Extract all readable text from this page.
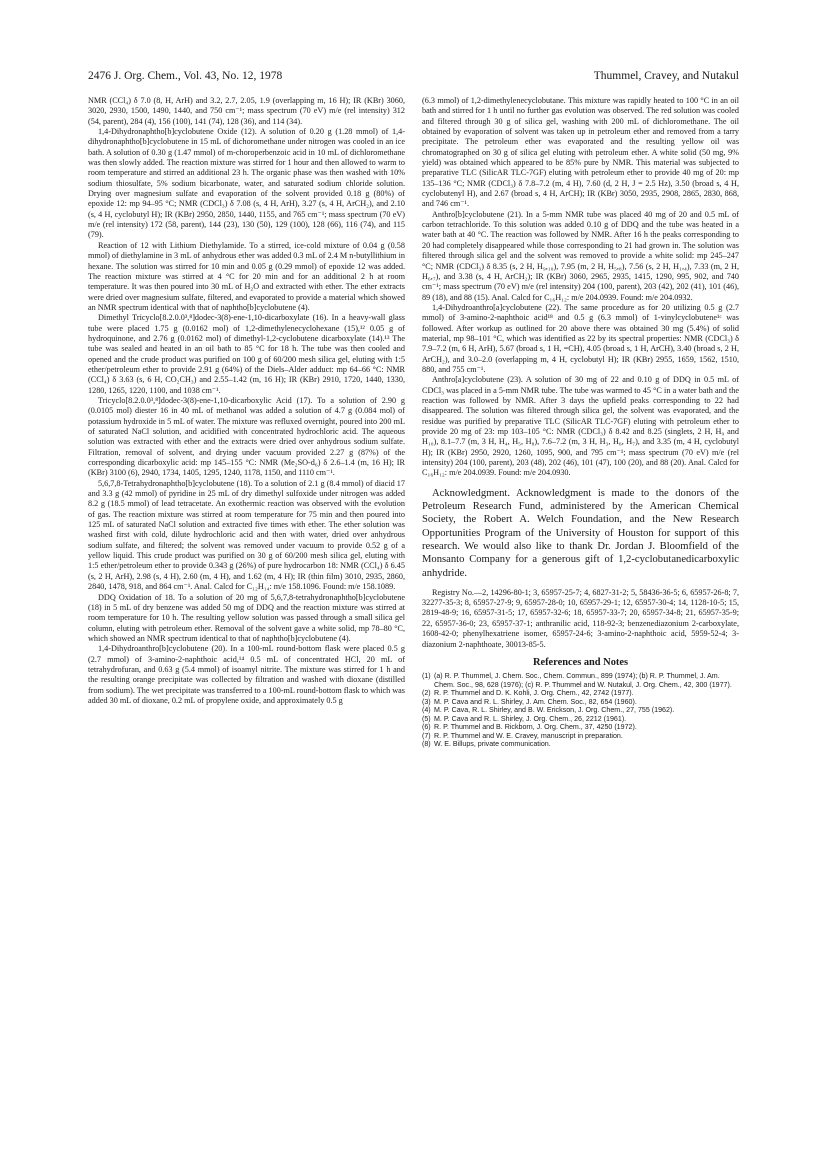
2476 J. Org. Chem., Vol. 43, No. 12, 1978	Thummel, Cravey, and Nutakul

NMR (CCl₄) δ 7.0 (8, H, ArH) and 3.2, 2.7, 2.05, 1.9 (overlapping m, 16 H); IR (KBr) 3060, 3020, 2930, 1500, 1490, 1440, and 750 cm⁻¹; mass spectrum (70 eV) m/e (rel intensity) 312 (54, parent), 284 (4), 156 (100), 141 (74), 128 (36), and 114 (34).

1,4-Dihydronaphtho[b]cyclobutene Oxide (12). A solution of 0.20 g (1.28 mmol) of 1,4-dihydronaphtho[b]cyclobutene in 15 mL of dichoromethane under nitrogen was cooled in an ice bath. A solution of 0.30 g (1.47 mmol) of m-choroperbenzoic acid in 10 mL of dichloromethane was then slowly added. The reaction mixture was stirred for 1 hour and then allowed to warm to room temperature and stirred an additional 23 h. The organic phase was then washed with 10% sodium thiosulfate, 5% sodium bicarbonate, water, and saturated sodium chloride solution. Drying over magnesium sulfate and evaporation of the solvent provided 0.18 g (80%) of epoxide 12: mp 94–95 °C; NMR (CDCl₃) δ 7.08 (s, 4 H, ArH), 3.27 (s, 4 H, ArCH₂), and 2.10 (s, 4 H, cyclobutyl H); IR (KBr) 2950, 2850, 1440, 1155, and 765 cm⁻¹; mass spectrum (70 eV) m/e (rel intensity) 172 (58, parent), 144 (23), 130 (50), 129 (100), 128 (66), 116 (74), and 115 (79).

Reaction of 12 with Lithium Diethylamide. To a stirred, ice-cold mixture of 0.04 g (0.58 mmol) of diethylamine in 3 mL of anhydrous ether was added 0.3 mL of 2.4 M n-butyllithium in hexane. The solution was stirred for 10 min and 0.05 g (0.29 mmol) of epoxide 12 was added. The reaction mixture was stirred at 4 °C for 20 min and for an additional 2 h at room temperature. It was then poured into 30 mL of H₂O and extracted with ether. The ether extracts were dried over magnesium sulfate, filtered, and evaporated to provide a material which showed an NMR spectrum identical with that of naphtho[b]cyclobutene (4).

Dimethyl Tricyclo[8.2.0.0³,⁸]dodec-3(8)-ene-1,10-dicarboxylate (16). In a heavy-wall glass tube were placed 1.75 g (0.0162 mol) of 1,2-dimethylenecyclohexane (15),¹² 0.05 g of hydroquinone, and 2.76 g (0.0162 mol) of dimethyl-1,2-cyclobutene dicarboxylate (14).¹³ The tube was sealed and heated in an oil bath to 85 °C for 18 h. The tube was then cooled and opened and the crude product was purified on 100 g of 60/200 mesh silica gel, eluting with 1:5 ether/petroleum ether to provide 2.91 g (64%) of the Diels–Alder adduct: mp 64–66 °C: NMR (CCl₄) δ 3.63 (s, 6 H, CO₂CH₃) and 2.55–1.42 (m, 16 H); IR (KBr) 2910, 1720, 1440, 1330, 1280, 1265, 1220, 1100, and 1038 cm⁻¹.

Tricyclo[8.2.0.0³,⁸]dodec-3(8)-ene-1,10-dicarboxylic Acid (17). To a solution of 2.90 g (0.0105 mol) diester 16 in 40 mL of methanol was added a solution of 4.7 g (0.084 mol) of potassium hydroxide in 5 mL of water. The mixture was refluxed overnight, poured into 200 mL of saturated NaCl solution, and acidified with concentrated hydrochloric acid. The aqueous solution was extracted with ether and the extracts were dried over anhydrous sodium sulfate. Filtration, removal of solvent, and drying under vacuum provided 2.27 g (87%) of the corresponding dicarboxylic acid: mp 145–155 °C: NMR (Me₂SO-d₆) δ 2.6–1.4 (m, 16 H); IR (KBr) 3100 (6), 2940, 1734, 1405, 1295, 1240, 1178, 1150, and 1110 cm⁻¹.

5,6,7,8-Tetrahydronaphtho[b]cyclobutene (18). To a solution of 2.1 g (8.4 mmol) of diacid 17 and 3.3 g (42 mmol) of pyridine in 25 mL of dry dimethyl sulfoxide under nitrogen was added 8.2 g (18.5 mmol) of lead tetracetate. An exothermic reaction was observed with the evolution of gas. The reaction mixture was stirred at room temperature for 75 min and then poured into 125 mL of saturated NaCl solution and extracted five times with ether. The ether solution was washed first with cold, dilute hydrochloric acid and then with water, dried over anhydrous sodium sulfate, and filtered; the solvent was removed under vacuum to provide 0.52 g of a yellow liquid. This crude product was purified on 30 g of 60/200 mesh silica gel, eluting with 1:5 ether/petroleum ether to provide 0.343 g (26%) of pure hydrocarbon 18: NMR (CCl₄) δ 6.45 (s, 2 H, ArH), 2.98 (s, 4 H), 2.60 (m, 4 H), and 1.62 (m, 4 H); IR (thin film) 3010, 2935, 2860, 2840, 1478, 918, and 864 cm⁻¹. Anal. Calcd for C₁₂H₁₄: m/e 158.1096. Found: m/e 158.1089.

DDQ Oxidation of 18. To a solution of 20 mg of 5,6,7,8-tetrahydronaphtho[b]cyclobutene (18) in 5 mL of dry benzene was added 50 mg of DDQ and the reaction mixture was stirred at room temperature for 10 h. The resulting yellow solution was passed through a small silica gel column, eluting with petroleum ether. Removal of the solvent gave a white solid, mp 78–80 °C, which showed an NMR spectrum identical to that of naphtho[b]cyclobutene (4).

1,4-Dihydroanthro[b]cyclobutene (20). In a 100-mL round-bottom flask were placed 0.5 g (2.7 mmol) of 3-amino-2-naphthoic acid,¹⁴ 0.5 mL of concentrated HCl, 20 mL of tetrahydrofuran, and 0.63 g (5.4 mmol) of isoamyl nitrite. The mixture was stirred for 1 h and the resulting orange precipitate was collected by filtration and washed with dioxane (distilled from sodium). The wet precipitate was transferred to a 100-mL round-bottom flask to which was added 30 mL of dioxane, 0.2 mL of propylene oxide, and approximately 0.5 g

(6.3 mmol) of 1,2-dimethylenecyclobutane. This mixture was rapidly heated to 100 °C in an oil bath and stirred for 1 h until no further gas evolution was observed. The red solution was cooled and filtered through 30 g of silica gel, washing with 200 mL of dichloromethane. The oil obtained by evaporation of solvent was taken up in petroleum ether and removed from a tarry precipitate. The petroleum ether was evaporated and the resulting yellow oil was chromatographed on 30 g of silica gel eluting with petroleum ether. A white solid (50 mg, 9% yield) was obtained which appeared to be 85% pure by NMR. This material was subjected to preparative TLC (SilicAR TLC-7GF) eluting with petroleum ether to provide 40 mg of 20: mp 135–136 °C; NMR (CDCl₃) δ 7.8–7.2 (m, 4 H), 7.60 (d, 2 H, J = 2.5 Hz), 3.50 (broad s, 4 H, cyclobutenyl H), and 2.67 (broad s, 4 H, ArCH); IR (KBr) 3050, 2935, 2908, 2865, 2830, 868, and 746 cm⁻¹.

Anthro[b]cyclobutene (21). In a 5-mm NMR tube was placed 40 mg of 20 and 0.5 mL of carbon tetrachloride. To this solution was added 0.10 g of DDQ and the tube was heated in a water bath at 40 °C. The reaction was followed by NMR. After 16 h the peaks corresponding to 20 had completely disappeared while those corresponding to 21 had grown in. The solution was filtered through silica gel and the solvent was removed to provide a white solid: mp 245–247 °C; NMR (CDCl₃) δ 8.35 (s, 2 H, H₉,₁₀), 7.95 (m, 2 H, H₅,₈), 7.56 (s, 2 H, H₁,₄), 7.33 (m, 2 H, H₆,₇), and 3.38 (s, 4 H, ArCH₂); IR (KBr) 3060, 2965, 2935, 1415, 1290, 995, 902, and 740 cm⁻¹; mass spectrum (70 eV) m/e (rel intensity) 204 (100, parent), 203 (42), 202 (41), 101 (46), 89 (18), and 88 (15). Anal. Calcd for C₁₆H₁₂: m/e 204.0939. Found: m/e 204.0932.

1,4-Dihydroanthro[a]cyclobutene (22). The same procedure as for 20 utilizing 0.5 g (2.7 mmol) of 3-amino-2-naphthoic acid¹⁸ and 0.5 g (6.3 mmol) of 1-vinylcyclobutene¹ᶜ was followed. After workup as outlined for 20 above there was obtained 30 mg (5.4%) of solid material, mp 98–101 °C, which was identified as 22 by its spectral properties: NMR (CDCl₃) δ 7.9–7.2 (m, 6 H, ArH), 5.67 (broad s, 1 H, =CH), 4.05 (broad s, 1 H, ArCH), 3.40 (broad s, 2 H, ArCH₂), and 3.0–2.0 (overlapping m, 4 H, cyclobutyl H); IR (KBr) 2955, 1659, 1562, 1510, 880, and 755 cm⁻¹.

Anthro[a]cyclobutene (23). A solution of 30 mg of 22 and 0.10 g of DDQ in 0.5 mL of CDCl₃ was placed in a 5-mm NMR tube. The tube was warmed to 45 °C in a water bath and the reaction was followed by NMR. After 3 days the upfield peaks corresponding to 22 had disappeared. The solution was filtered through silica gel, the solvent was evaporated, and the residue was purified by preparative TLC (SilicAR TLC-7GF) eluting with petroleum ether to provide 20 mg of 23: mp 103–105 °C: NMR (CDCl₃) δ 8.42 and 8.25 (singlets, 2 H, H₉ and H₁₀), 8.1–7.7 (m, 3 H, H₄, H₅, H₈), 7.6–7.2 (m, 3 H, H₃, H₆, H₇), and 3.35 (m, 4 H, cyclobutyl H); IR (KBr) 2950, 2920, 1260, 1095, 900, and 795 cm⁻¹; mass spectrum (70 eV) m/e (rel intensity) 204 (100, parent), 203 (48), 202 (46), 101 (47), 100 (20), and 88 (20). Anal. Calcd for C₁₆H₁₂: m/e 204.0939. Found: m/e 204.0930.

Acknowledgment. Acknowledgment is made to the donors of the Petroleum Research Fund, administered by the American Chemical Society, the Robert A. Welch Foundation, and the New Research Opportunities Program of the University of Houston for support of this research. We would also like to thank Dr. Jordan J. Bloomfield of the Monsanto Company for a generous gift of 1,2-cyclobutanedicarboxylic anhydride.

Registry No.—2, 14296-80-1; 3, 65957-25-7; 4, 6827-31-2; 5, 58436-36-5; 6, 65957-26-8; 7, 32277-35-3; 8, 65957-27-9; 9, 65957-28-0; 10, 65957-29-1; 12, 65957-30-4; 14, 1128-10-5; 15, 2819-48-9; 16, 65957-31-5; 17, 65957-32-6; 18, 65957-33-7; 20, 65957-34-8; 21, 65957-35-9; 22, 65957-36-0; 23, 65957-37-1; anthranilic acid, 118-92-3; benzenediazonium 2-carboxylate, 1608-42-0; phenylhexatriene isomer, 65957-24-6; 3-amino-2-naphthoic acid, 5959-52-4; 3-diazonium 2-naphthoate, 30013-85-5.

References and Notes
(1) (a) R. P. Thummel, J. Chem. Soc., Chem. Commun., 899 (1974); (b) R. P. Thummel, J. Am. Chem. Soc., 98, 628 (1976); (c) R. P. Thummel and W. Nutakul, J. Org. Chem., 42, 300 (1977).
(2) R. P. Thummel and D. K. Kohli, J. Org. Chem., 42, 2742 (1977).
(3) M. P. Cava and R. L. Shirley, J. Am. Chem. Soc., 82, 654 (1960).
(4) M. P. Cava, R. L. Shirley, and B. W. Erickson, J. Org. Chem., 27, 755 (1962).
(5) M. P. Cava and R. L. Shirley, J. Org. Chem., 26, 2212 (1961).
(6) R. P. Thummel and B. Rickborn, J. Org. Chem., 37, 4250 (1972).
(7) R. P. Thummel and W. E. Cravey, manuscript in preparation.
(8) W. E. Billups, private communication.
